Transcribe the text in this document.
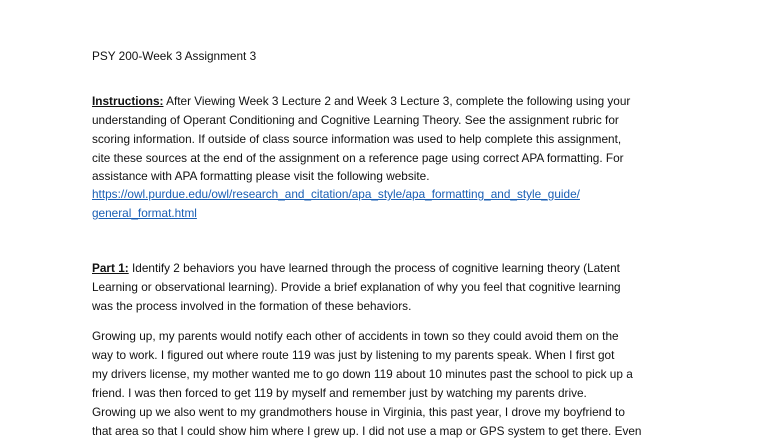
PSY 200-Week 3 Assignment 3
Instructions: After Viewing Week 3 Lecture 2 and Week 3 Lecture 3, complete the following using your
understanding of Operant Conditioning and Cognitive Learning Theory. See the assignment rubric for
scoring information. If outside of class source information was used to help complete this assignment,
cite these sources at the end of the assignment on a reference page using correct APA formatting. For
assistance with APA formatting please visit the following website.
https://owl.purdue.edu/owl/research_and_citation/apa_style/apa_formatting_and_style_guide/
general_format.html
Part 1: Identify 2 behaviors you have learned through the process of cognitive learning theory (Latent
Learning or observational learning). Provide a brief explanation of why you feel that cognitive learning
was the process involved in the formation of these behaviors.
Growing up, my parents would notify each other of accidents in town so they could avoid them on the
way to work. I figured out where route 119 was just by listening to my parents speak. When I first got
my drivers license, my mother wanted me to go down 119 about 10 minutes past the school to pick up a
friend. I was then forced to get 119 by myself and remember just by watching my parents drive.
Growing up we also went to my grandmothers house in Virginia, this past year, I drove my boyfriend to
that area so that I could show him where I grew up. I did not use a map or GPS system to get there. Even
